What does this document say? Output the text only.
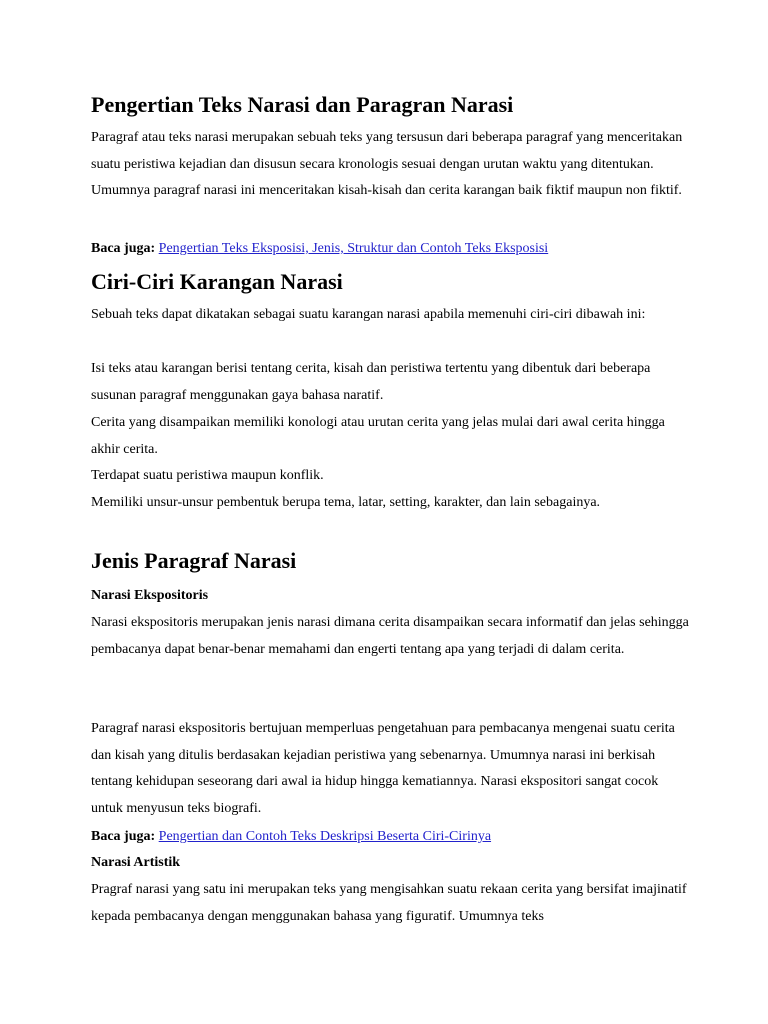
Pengertian Teks Narasi dan Paragran Narasi

Paragraf atau teks narasi merupakan sebuah teks yang tersusun dari beberapa paragraf yang menceritakan suatu peristiwa kejadian dan disusun secara kronologis sesuai dengan urutan waktu yang ditentukan. Umumnya paragraf narasi ini menceritakan kisah-kisah dan cerita karangan baik fiktif maupun non fiktif.

Baca juga: Pengertian Teks Eksposisi, Jenis, Struktur dan Contoh Teks Eksposisi

Ciri-Ciri Karangan Narasi

Sebuah teks dapat dikatakan sebagai suatu karangan narasi apabila memenuhi ciri-ciri dibawah ini:

Isi teks atau karangan berisi tentang cerita, kisah dan peristiwa tertentu yang dibentuk dari beberapa susunan paragraf menggunakan gaya bahasa naratif.

Cerita yang disampaikan memiliki konologi atau urutan cerita yang jelas mulai dari awal cerita hingga akhir cerita.

Terdapat suatu peristiwa maupun konflik.

Memiliki unsur-unsur pembentuk berupa tema, latar, setting, karakter, dan lain sebagainya.

Jenis Paragraf Narasi

Narasi Ekspositoris

Narasi ekspositoris merupakan jenis narasi dimana cerita disampaikan secara informatif dan jelas sehingga pembacanya dapat benar-benar memahami dan engerti tentang apa yang terjadi di dalam cerita.

Paragraf narasi ekspositoris bertujuan memperluas pengetahuan para pembacanya mengenai suatu cerita dan kisah yang ditulis berdasakan kejadian peristiwa yang sebenarnya. Umumnya narasi ini berkisah tentang kehidupan seseorang dari awal ia hidup hingga kematiannya. Narasi ekspositori sangat cocok untuk menyusun teks biografi.

Baca juga: Pengertian dan Contoh Teks Deskripsi Beserta Ciri-Cirinya

Narasi Artistik

Pragraf narasi yang satu ini merupakan teks yang mengisahkan suatu rekaan cerita yang bersifat imajinatif kepada pembacanya dengan menggunakan bahasa yang figuratif. Umumnya teks
